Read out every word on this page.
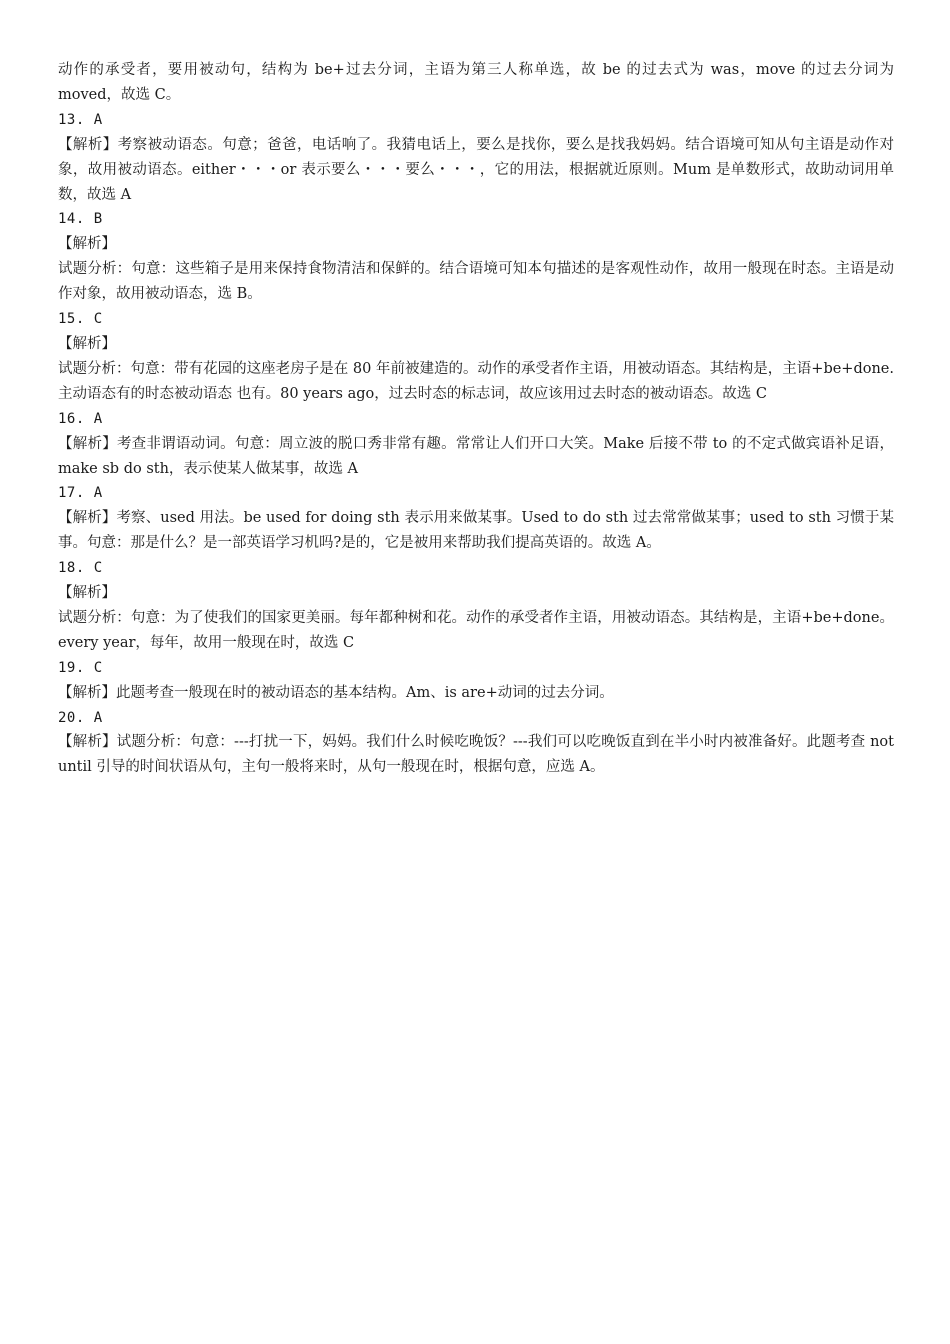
动作的承受者，要用被动句，结构为 be+过去分词，主语为第三人称单选，故 be 的过去式为 was，move 的过去分词为 moved，故选 C。
13. A
【解析】考察被动语态。句意；爸爸，电话响了。我猜电话上，要么是找你，要么是找我妈妈。结合语境可知从句主语是动作对象，故用被动语态。either・・・or 表示要么・・・要么・・・，它的用法，根据就近原则。Mum 是单数形式，故助动词用单数，故选 A
14. B
【解析】
试题分析：句意：这些箱子是用来保持食物清洁和保鲜的。结合语境可知本句描述的是客观性动作，故用一般现在时态。主语是动作对象，故用被动语态，选 B。
15. C
【解析】
试题分析：句意：带有花园的这座老房子是在 80 年前被建造的。动作的承受者作主语，用被动语态。其结构是，主语+be+done.主动语态有的时态被动语态 也有。80 years ago，过去时态的标志词，故应该用过去时态的被动语态。故选 C
16. A
【解析】考查非谓语动词。句意：周立波的脱口秀非常有趣。常常让人们开口大笑。Make 后接不带 to 的不定式做宾语补足语，make sb do sth，表示使某人做某事，故选 A
17. A
【解析】考察、used 用法。be used for doing sth 表示用来做某事。Used to do sth 过去常常做某事；used to sth 习惯于某事。句意：那是什么？是一部英语学习机吗?是的，它是被用来帮助我们提高英语的。故选 A。
18. C
【解析】
试题分析：句意：为了使我们的国家更美丽。每年都种树和花。动作的承受者作主语，用被动语态。其结构是，主语+be+done。every year，每年，故用一般现在时，故选 C
19. C
【解析】此题考查一般现在时的被动语态的基本结构。Am、is are+动词的过去分词。
20. A
【解析】试题分析：句意：---打扰一下，妈妈。我们什么时候吃晚饭？---我们可以吃晚饭直到在半小时内被准备好。此题考查 not until 引导的时间状语从句，主句一般将来时，从句一般现在时，根据句意，应选 A。
